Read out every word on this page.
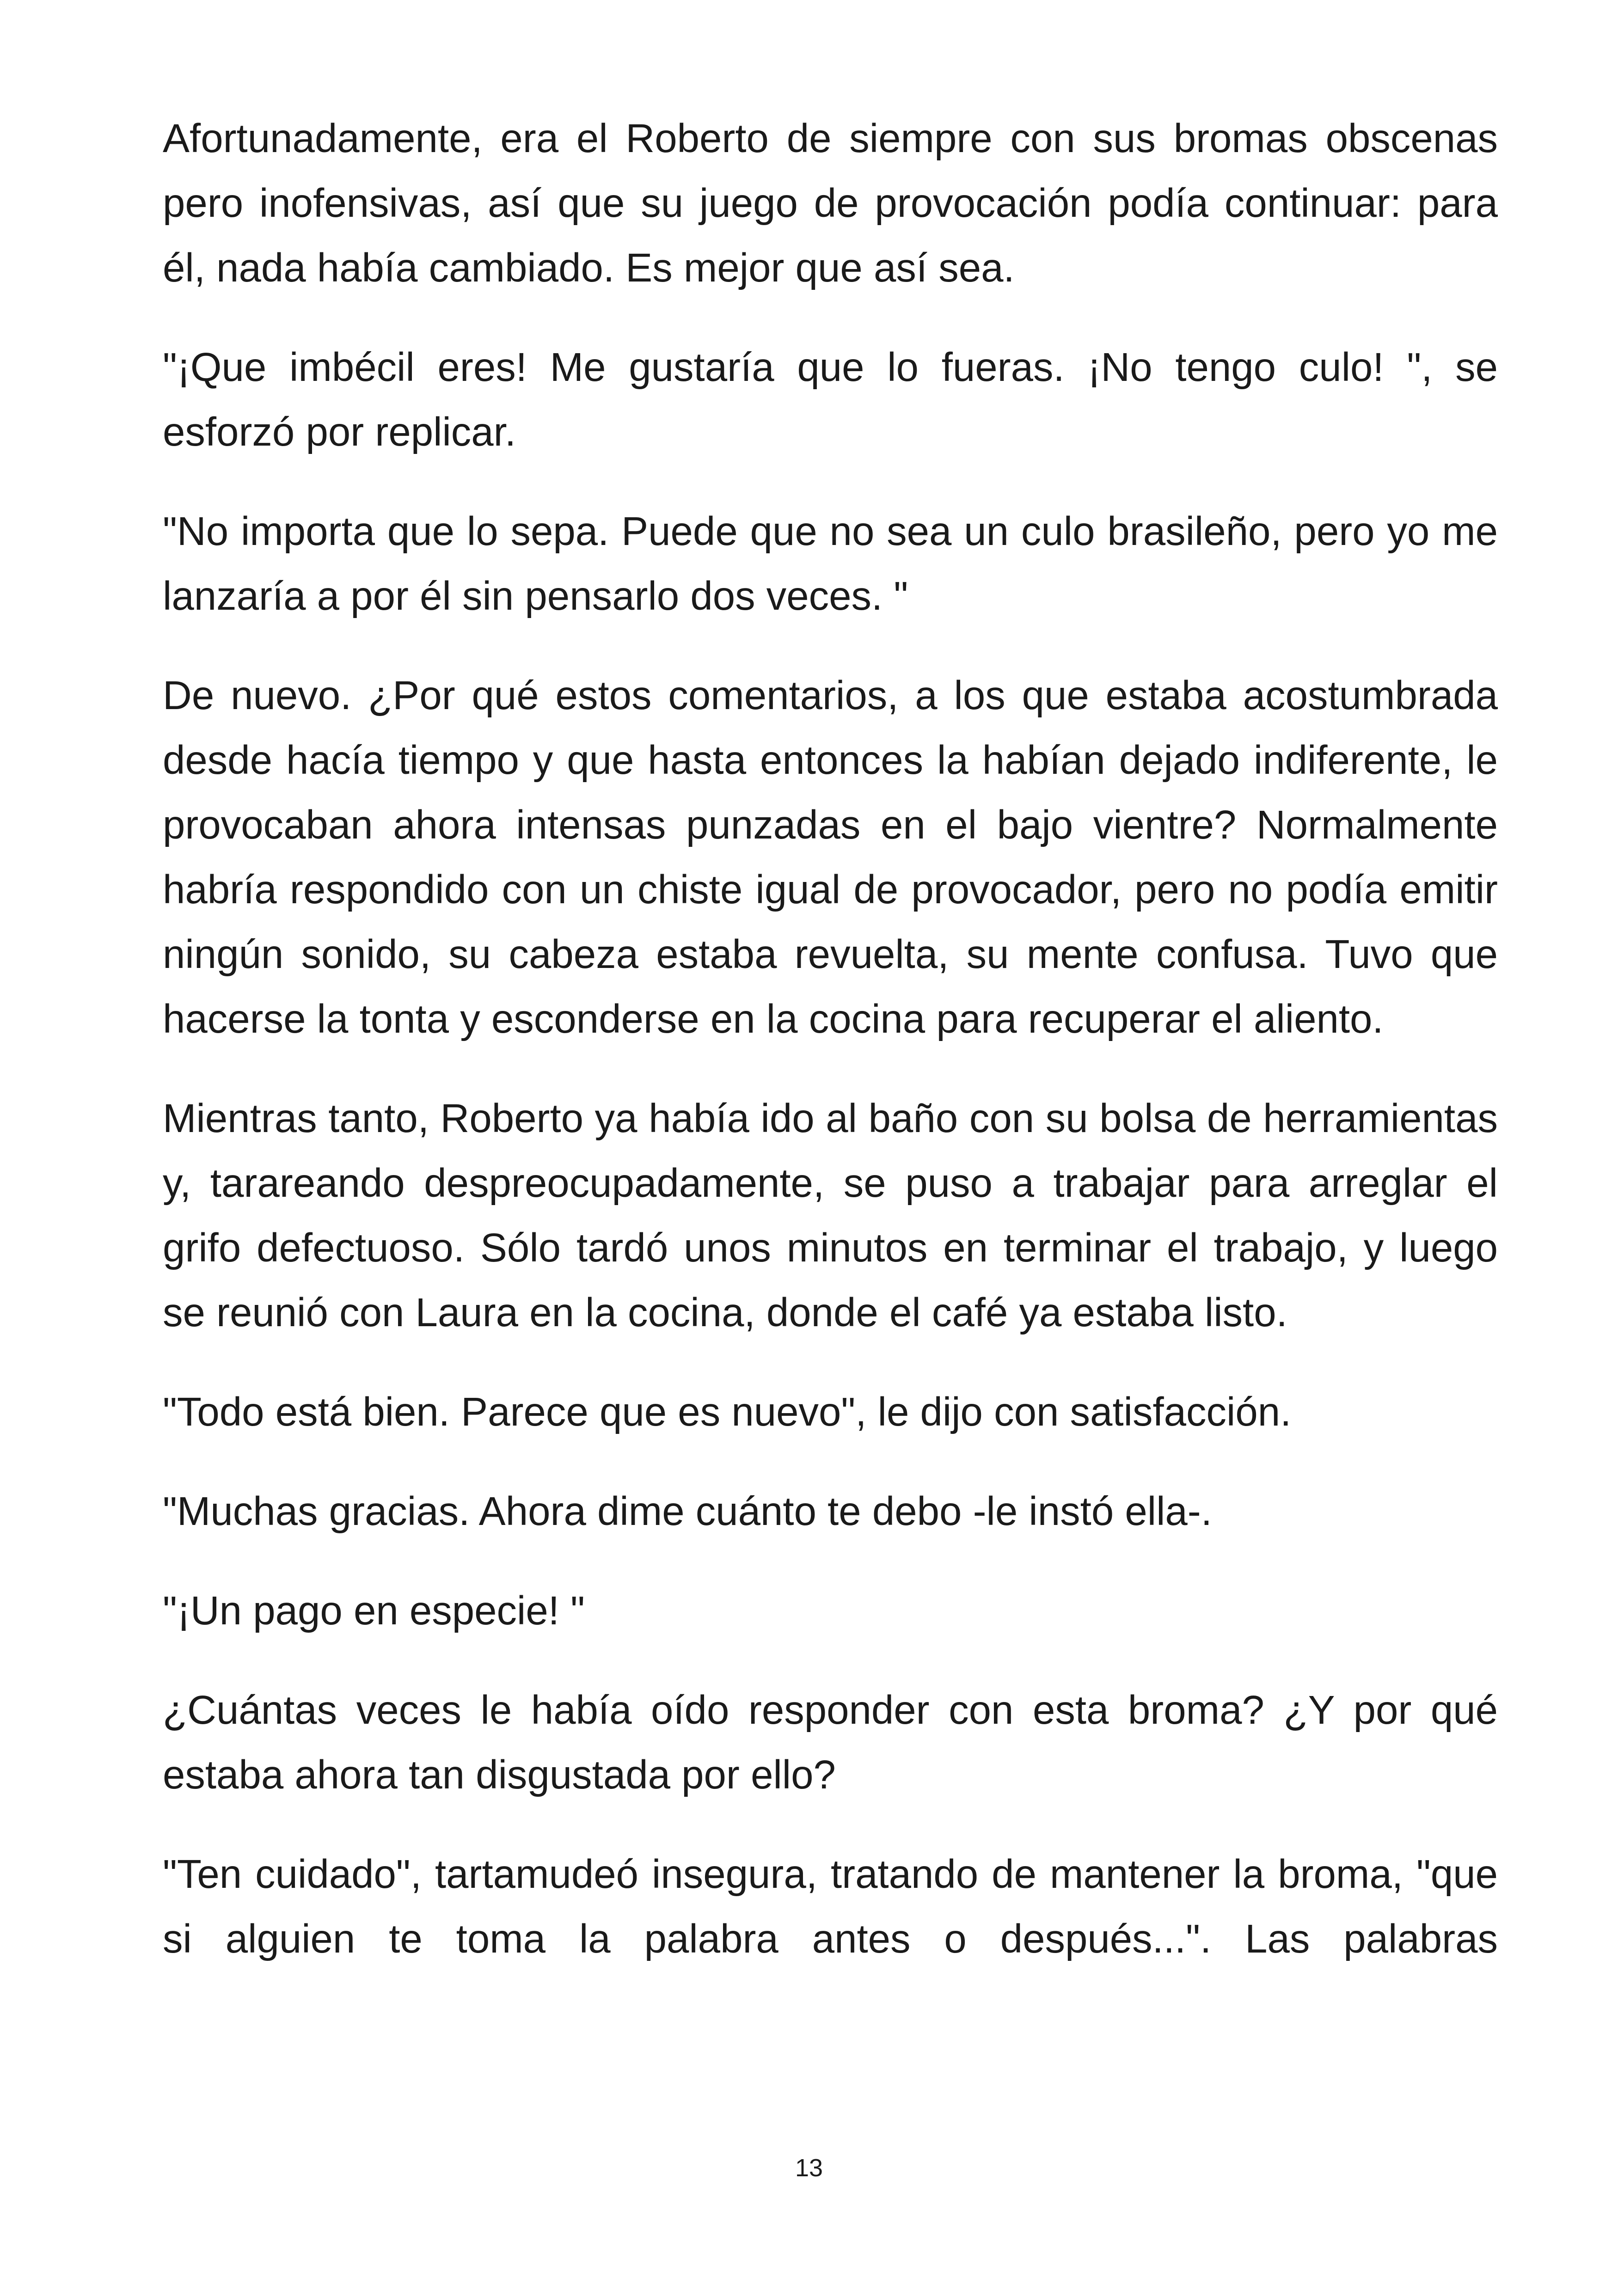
Afortunadamente, era el Roberto de siempre con sus bromas obscenas pero inofensivas, así que su juego de provocación podía continuar: para él, nada había cambiado. Es mejor que así sea.

"¡Que imbécil eres! Me gustaría que lo fueras. ¡No tengo culo! ", se esforzó por replicar.

"No importa que lo sepa. Puede que no sea un culo brasileño, pero yo me lanzaría a por él sin pensarlo dos veces. "

De nuevo. ¿Por qué estos comentarios, a los que estaba acostumbrada desde hacía tiempo y que hasta entonces la habían dejado indiferente, le provocaban ahora intensas punzadas en el bajo vientre? Normalmente habría respondido con un chiste igual de provocador, pero no podía emitir ningún sonido, su cabeza estaba revuelta, su mente confusa. Tuvo que hacerse la tonta y esconderse en la cocina para recuperar el aliento.

Mientras tanto, Roberto ya había ido al baño con su bolsa de herramientas y, tarareando despreocupadamente, se puso a trabajar para arreglar el grifo defectuoso. Sólo tardó unos minutos en terminar el trabajo, y luego se reunió con Laura en la cocina, donde el café ya estaba listo.

"Todo está bien. Parece que es nuevo", le dijo con satisfacción.

"Muchas gracias. Ahora dime cuánto te debo -le instó ella-.

"¡Un pago en especie! "

¿Cuántas veces le había oído responder con esta broma? ¿Y por qué estaba ahora tan disgustada por ello?

"Ten cuidado", tartamudeó insegura, tratando de mantener la broma, "que si alguien te toma la palabra antes o después...". Las palabras

13
